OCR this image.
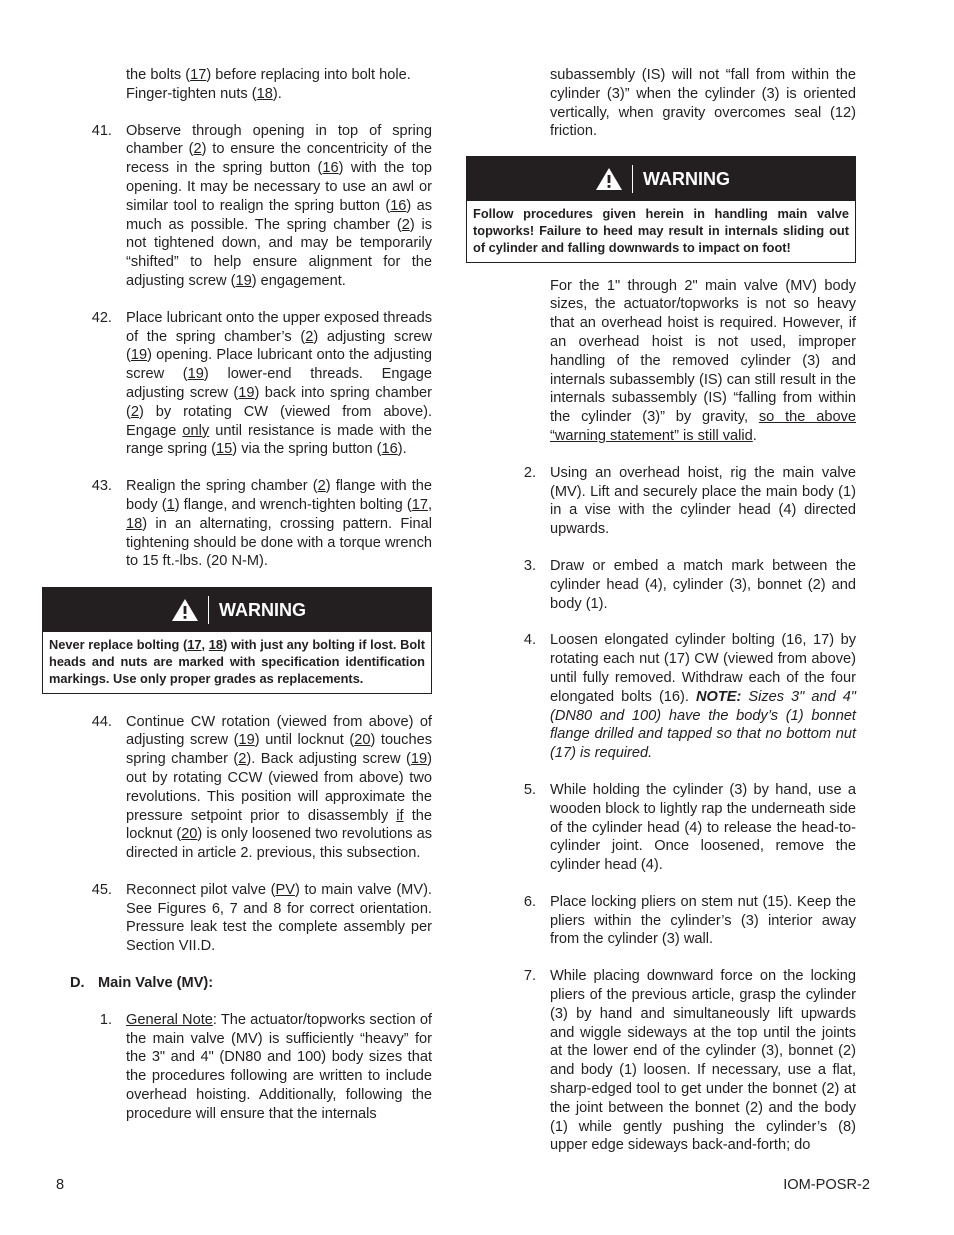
the bolts (17) before replacing into bolt hole. Finger-tighten nuts (18).

41. Observe through opening in top of spring chamber (2) to ensure the concentricity of the recess in the spring button (16) with the top opening. It may be necessary to use an awl or similar tool to realign the spring button (16) as much as possible. The spring chamber (2) is not tightened down, and may be temporarily “shifted” to help ensure alignment for the adjusting screw (19) engagement.

42. Place lubricant onto the upper exposed threads of the spring chamber’s (2) adjusting screw (19) opening. Place lubricant onto the adjusting screw (19) lower-end threads. Engage adjusting screw (19) back into spring chamber (2) by rotating CW (viewed from above). Engage only until resistance is made with the range spring (15) via the spring button (16).

43. Realign the spring chamber (2) flange with the body (1) flange, and wrench-tighten bolting (17, 18) in an alternating, crossing pattern. Final tightening should be done with a torque wrench to 15 ft.-lbs. (20 N-M).

WARNING

Never replace bolting (17, 18) with just any bolting if lost. Bolt heads and nuts are marked with specification identification markings. Use only proper grades as replacements.

44. Continue CW rotation (viewed from above) of adjusting screw (19) until locknut (20) touches spring chamber (2). Back adjusting screw (19) out by rotating CCW (viewed from above) two revolutions. This position will approximate the pressure setpoint prior to disassembly if the locknut (20) is only loosened two revolutions as directed in article 2. previous, this subsection.

45. Reconnect pilot valve (PV) to main valve (MV). See Figures 6, 7 and 8 for correct orientation. Pressure leak test the complete assembly per Section VII.D.

D. Main Valve (MV):
1. General Note: The actuator/topworks section of the main valve (MV) is sufficiently “heavy” for the 3" and 4" (DN80 and 100) body sizes that the procedures following are written to include overhead hoisting. Additionally, following the procedure will ensure that the internals

subassembly (IS) will not “fall from within the cylinder (3)” when the cylinder (3) is oriented vertically, when gravity overcomes seal (12) friction.

WARNING

Follow procedures given herein in handling main valve topworks! Failure to heed may result in internals sliding out of cylinder and falling downwards to impact on foot!

For the 1" through 2" main valve (MV) body sizes, the actuator/topworks is not so heavy that an overhead hoist is required. However, if an overhead hoist is not used, improper handling of the removed cylinder (3) and internals subassembly (IS) can still result in the internals subassembly (IS) “falling from within the cylinder (3)” by gravity, so the above “warning statement” is still valid.

2. Using an overhead hoist, rig the main valve (MV). Lift and securely place the main body (1) in a vise with the cylinder head (4) directed upwards.

3. Draw or embed a match mark between the cylinder head (4), cylinder (3), bonnet (2) and body (1).

4. Loosen elongated cylinder bolting (16, 17) by rotating each nut (17) CW (viewed from above) until fully removed. Withdraw each of the four elongated bolts (16). NOTE: Sizes 3" and 4" (DN80 and 100) have the body’s (1) bonnet flange drilled and tapped so that no bottom nut (17) is required.

5. While holding the cylinder (3) by hand, use a wooden block to lightly rap the underneath side of the cylinder head (4) to release the head-to-cylinder joint. Once loosened, remove the cylinder head (4).

6. Place locking pliers on stem nut (15). Keep the pliers within the cylinder’s (3) interior away from the cylinder (3) wall.

7. While placing downward force on the locking pliers of the previous article, grasp the cylinder (3) by hand and simultaneously lift upwards and wiggle sideways at the top until the joints at the lower end of the cylinder (3), bonnet (2) and body (1) loosen. If necessary, use a flat, sharp-edged tool to get under the bonnet (2) at the joint between the bonnet (2) and the body (1) while gently pushing the cylinder’s (8) upper edge sideways back-and-forth; do

8	IOM-POSR-2
